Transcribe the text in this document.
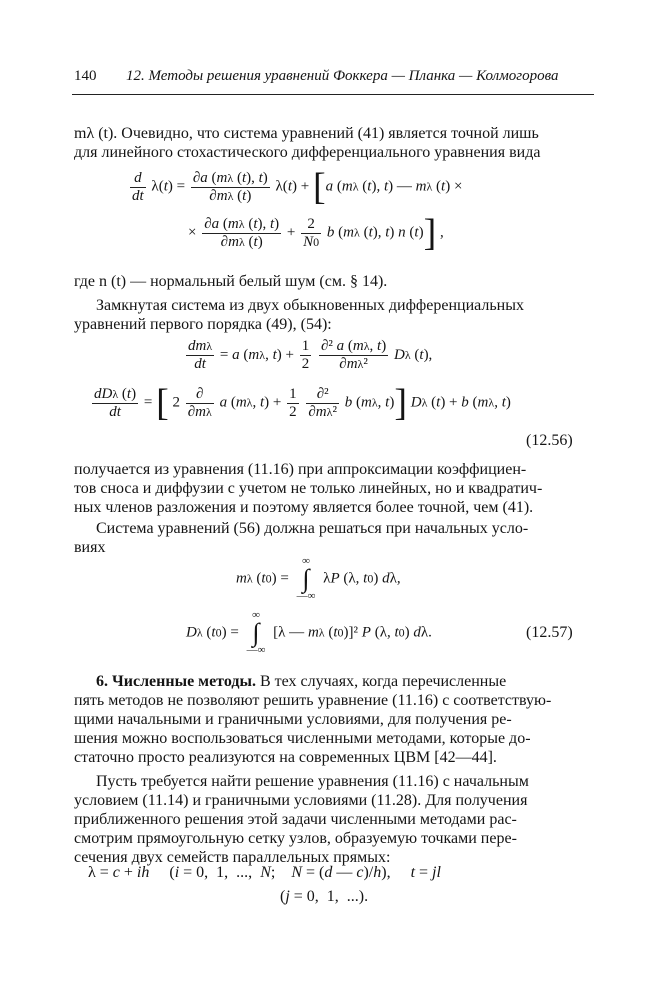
140 12. Методы решения уравнений Фоккера — Планка — Колмогорова
mλ (t). Очевидно, что система уравнений (41) является точной лишь
для линейного стохастического дифференциального уравнения вида
$\frac{d}{dt} \lambda(t) = \frac{\partial a (m\lambda (t), t)}{\partial m\lambda (t)} \lambda(t) + [a$ (mλ (t), t) — mλ (t) ×
× $\frac{\partial a (m\lambda (t), t)}{\partial m\lambda (t)} + \frac{2}{N0}$ b (mλ (t), t) n (t)] ,
где n (t) — нормальный белый шум (см. § 14).
Замкнутая система из двух обыкновенных дифференциальных
уравнений первого порядка (49), (54):
$\frac{\text{dmλ}}{dt} = a$ (mλ, $t) + \frac{1}{2}$
$\frac{\text{∂² a (mλ, t)}}{\text{∂mλ²}}$ Dλ (t),
$\frac{\text{dDλ (t)}}{dt}$ = [ $2 \frac{\partial}{\partial m\lambda}$ a (mλ, $t) + \frac{1}{2}$
$\frac{\text{∂²}}{\text{∂mλ²}}$ b (mλ, t)] Dλ (t) + b (mλ, t)
(12.56)
получается из уравнения (11.16) при аппроксимации коэффициен-
тов сноса и диффузии с учетом не только линейных, но и квадратич-
ных членов разложения и поэтому является более точной, чем (41).
Система уравнений (56) должна решаться при начальных усло-
виях
mλ (t0) = ∞
∫
—∞ λP (λ, t0) dλ,
Dλ (t0) = ∞
∫
—∞ [λ — mλ (t0)]² P (λ, t0) dλ.	(12.57)
6. Численные методы. В тех случаях, когда перечисленные
пять методов не позволяют решить уравнение (11.16) с соответствую-
щими начальными и граничными условиями, для получения ре-
шения можно воспользоваться численными методами, которые до-
статочно просто реализуются на современных ЦВМ [42—44].
Пусть требуется найти решение уравнения (11.16) с начальным
условием (11.14) и граничными условиями (11.28). Для получения
приближенного решения этой задачи численными методами рас-
смотрим прямоугольную сетку узлов, образуемую точками пере-
сечения двух семейств параллельных прямых:
λ = c + ih     (i = 0,  1,  ...,  N;    N = (d — c)/h),     t = jl
(j = 0,  1,  ...).
